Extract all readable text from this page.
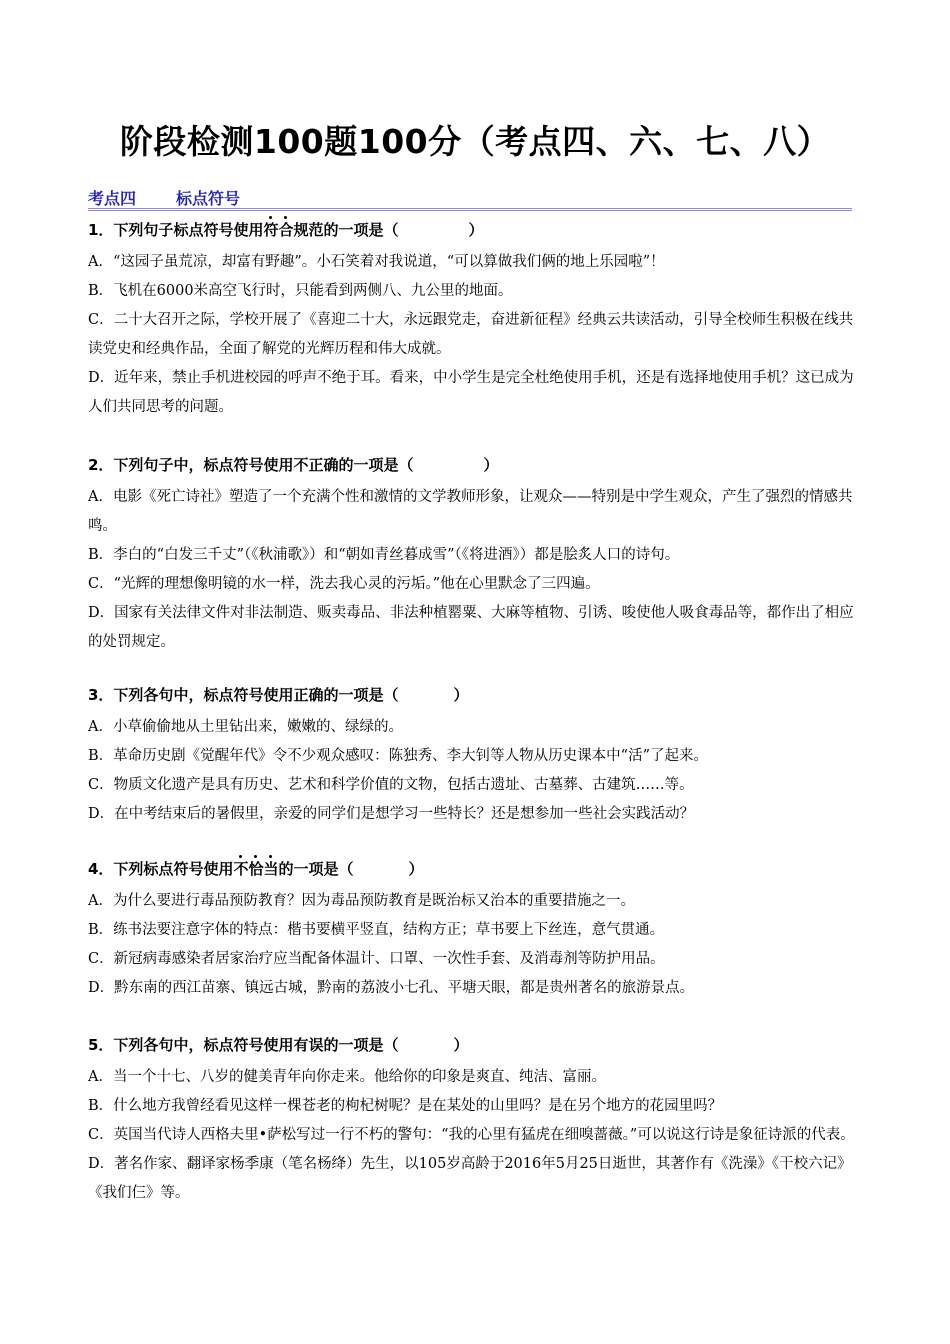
阶段检测100题100分（考点四、六、七、八）
考点四	标点符号
1．下列句子标点符号使用符合规范的一项是（	）
A．“这园子虽荒凉，却富有野趣”。小石笑着对我说道，“可以算做我们俩的地上乐园啦”！
B．飞机在6000米高空飞行时，只能看到两侧八、九公里的地面。
C．二十大召开之际，学校开展了《喜迎二十大，永远跟党走，奋进新征程》经典云共读活动，引导全校师生积极在线共读党史和经典作品，全面了解党的光辉历程和伟大成就。
D．近年来，禁止手机进校园的呼声不绝于耳。看来，中小学生是完全杜绝使用手机，还是有选择地使用手机？这已成为人们共同思考的问题。
2．下列句子中，标点符号使用不正确的一项是（	）
A．电影《死亡诗社》塑造了一个充满个性和激情的文学教师形象，让观众——特别是中学生观众，产生了强烈的情感共鸣。
B．李白的“白发三千丈”（《秋浦歌》）和“朝如青丝暮成雪”（《将进酒》）都是脍炙人口的诗句。
C．“光辉的理想像明镜的水一样，洗去我心灵的污垢。”他在心里默念了三四遍。
D．国家有关法律文件对非法制造、贩卖毒品、非法种植罂粟、大麻等植物、引诱、唆使他人吸食毒品等，都作出了相应的处罚规定。
3．下列各句中，标点符号使用正确的一项是（	）
A．小草偷偷地从土里钻出来，嫩嫩的、绿绿的。
B．革命历史剧《觉醒年代》令不少观众感叹：陈独秀、李大钊等人物从历史课本中“活”了起来。
C．物质文化遗产是具有历史、艺术和科学价值的文物，包括古遗址、古墓葬、古建筑……等。
D．在中考结束后的暑假里，亲爱的同学们是想学习一些特长？还是想参加一些社会实践活动？
4．下列标点符号使用不恰当的一项是（	）
A．为什么要进行毒品预防教育？因为毒品预防教育是既治标又治本的重要措施之一。
B．练书法要注意字体的特点：楷书要横平竖直，结构方正；草书要上下丝连，意气贯通。
C．新冠病毒感染者居家治疗应当配备体温计、口罩、一次性手套、及消毒剂等防护用品。
D．黔东南的西江苗寨、镇远古城，黔南的荔波小七孔、平塘天眼，都是贵州著名的旅游景点。
5．下列各句中，标点符号使用有误的一项是（	）
A．当一个十七、八岁的健美青年向你走来。他给你的印象是爽直、纯洁、富丽。
B．什么地方我曾经看见这样一棵苍老的枸杞树呢？是在某处的山里吗？是在另个地方的花园里吗？
C．英国当代诗人西格夫里•萨松写过一行不朽的警句：“我的心里有猛虎在细嗅蔷薇。”可以说这行诗是象征诗派的代表。
D．著名作家、翻译家杨季康（笔名杨绛）先生，以105岁高龄于2016年5月25日逝世，其著作有《洗澡》《干校六记》《我们仨》等。
